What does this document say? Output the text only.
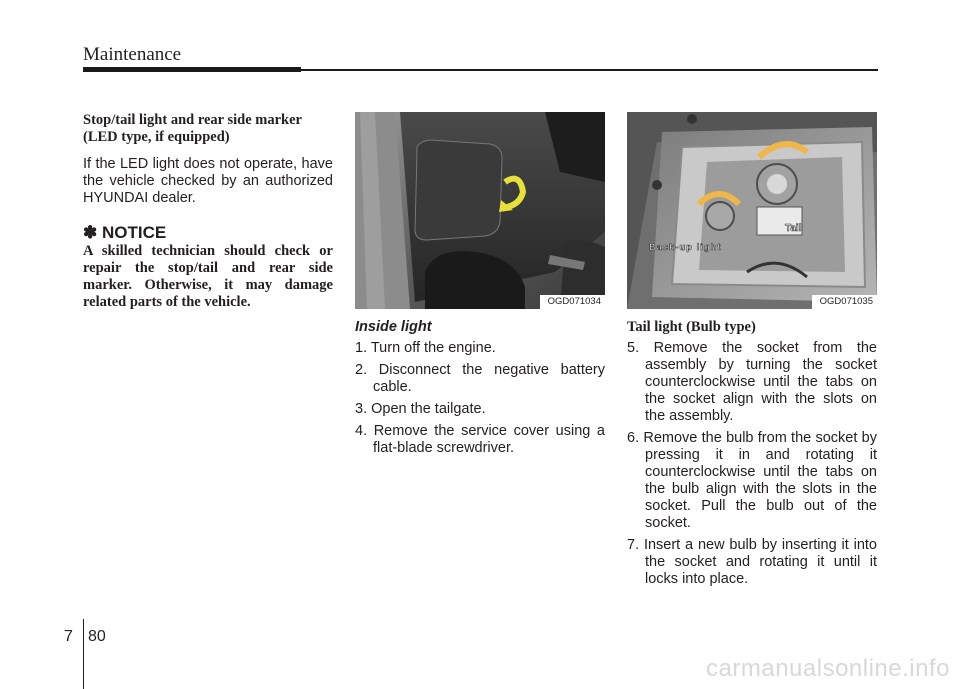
Maintenance
Stop/tail light and rear side marker
(LED type, if equipped)
If the LED light does not operate, have the vehicle checked by an authorized HYUNDAI dealer.
✽ NOTICE
A skilled technician should check or repair the stop/tail and rear side marker. Otherwise, it may damage related parts of the vehicle.	OGD071034
Inside light
1. Turn off the engine.
2. Disconnect the negative battery cable.
3. Open the tailgate.
4. Remove the service cover using a flat-blade screwdriver.
Tail
Back-up light
OGD071035
Tail light (Bulb type)
5. Remove the socket from the assembly by turning the socket counterclockwise until the tabs on the socket align with the slots on the assembly.
6. Remove the bulb from the socket by pressing it in and rotating it counterclockwise until the tabs on the bulb align with the slots in the socket. Pull the bulb out of the socket.
7. Insert a new bulb by inserting it into the socket and rotating it until it locks into place.
7 80
carmanualsonline.info
